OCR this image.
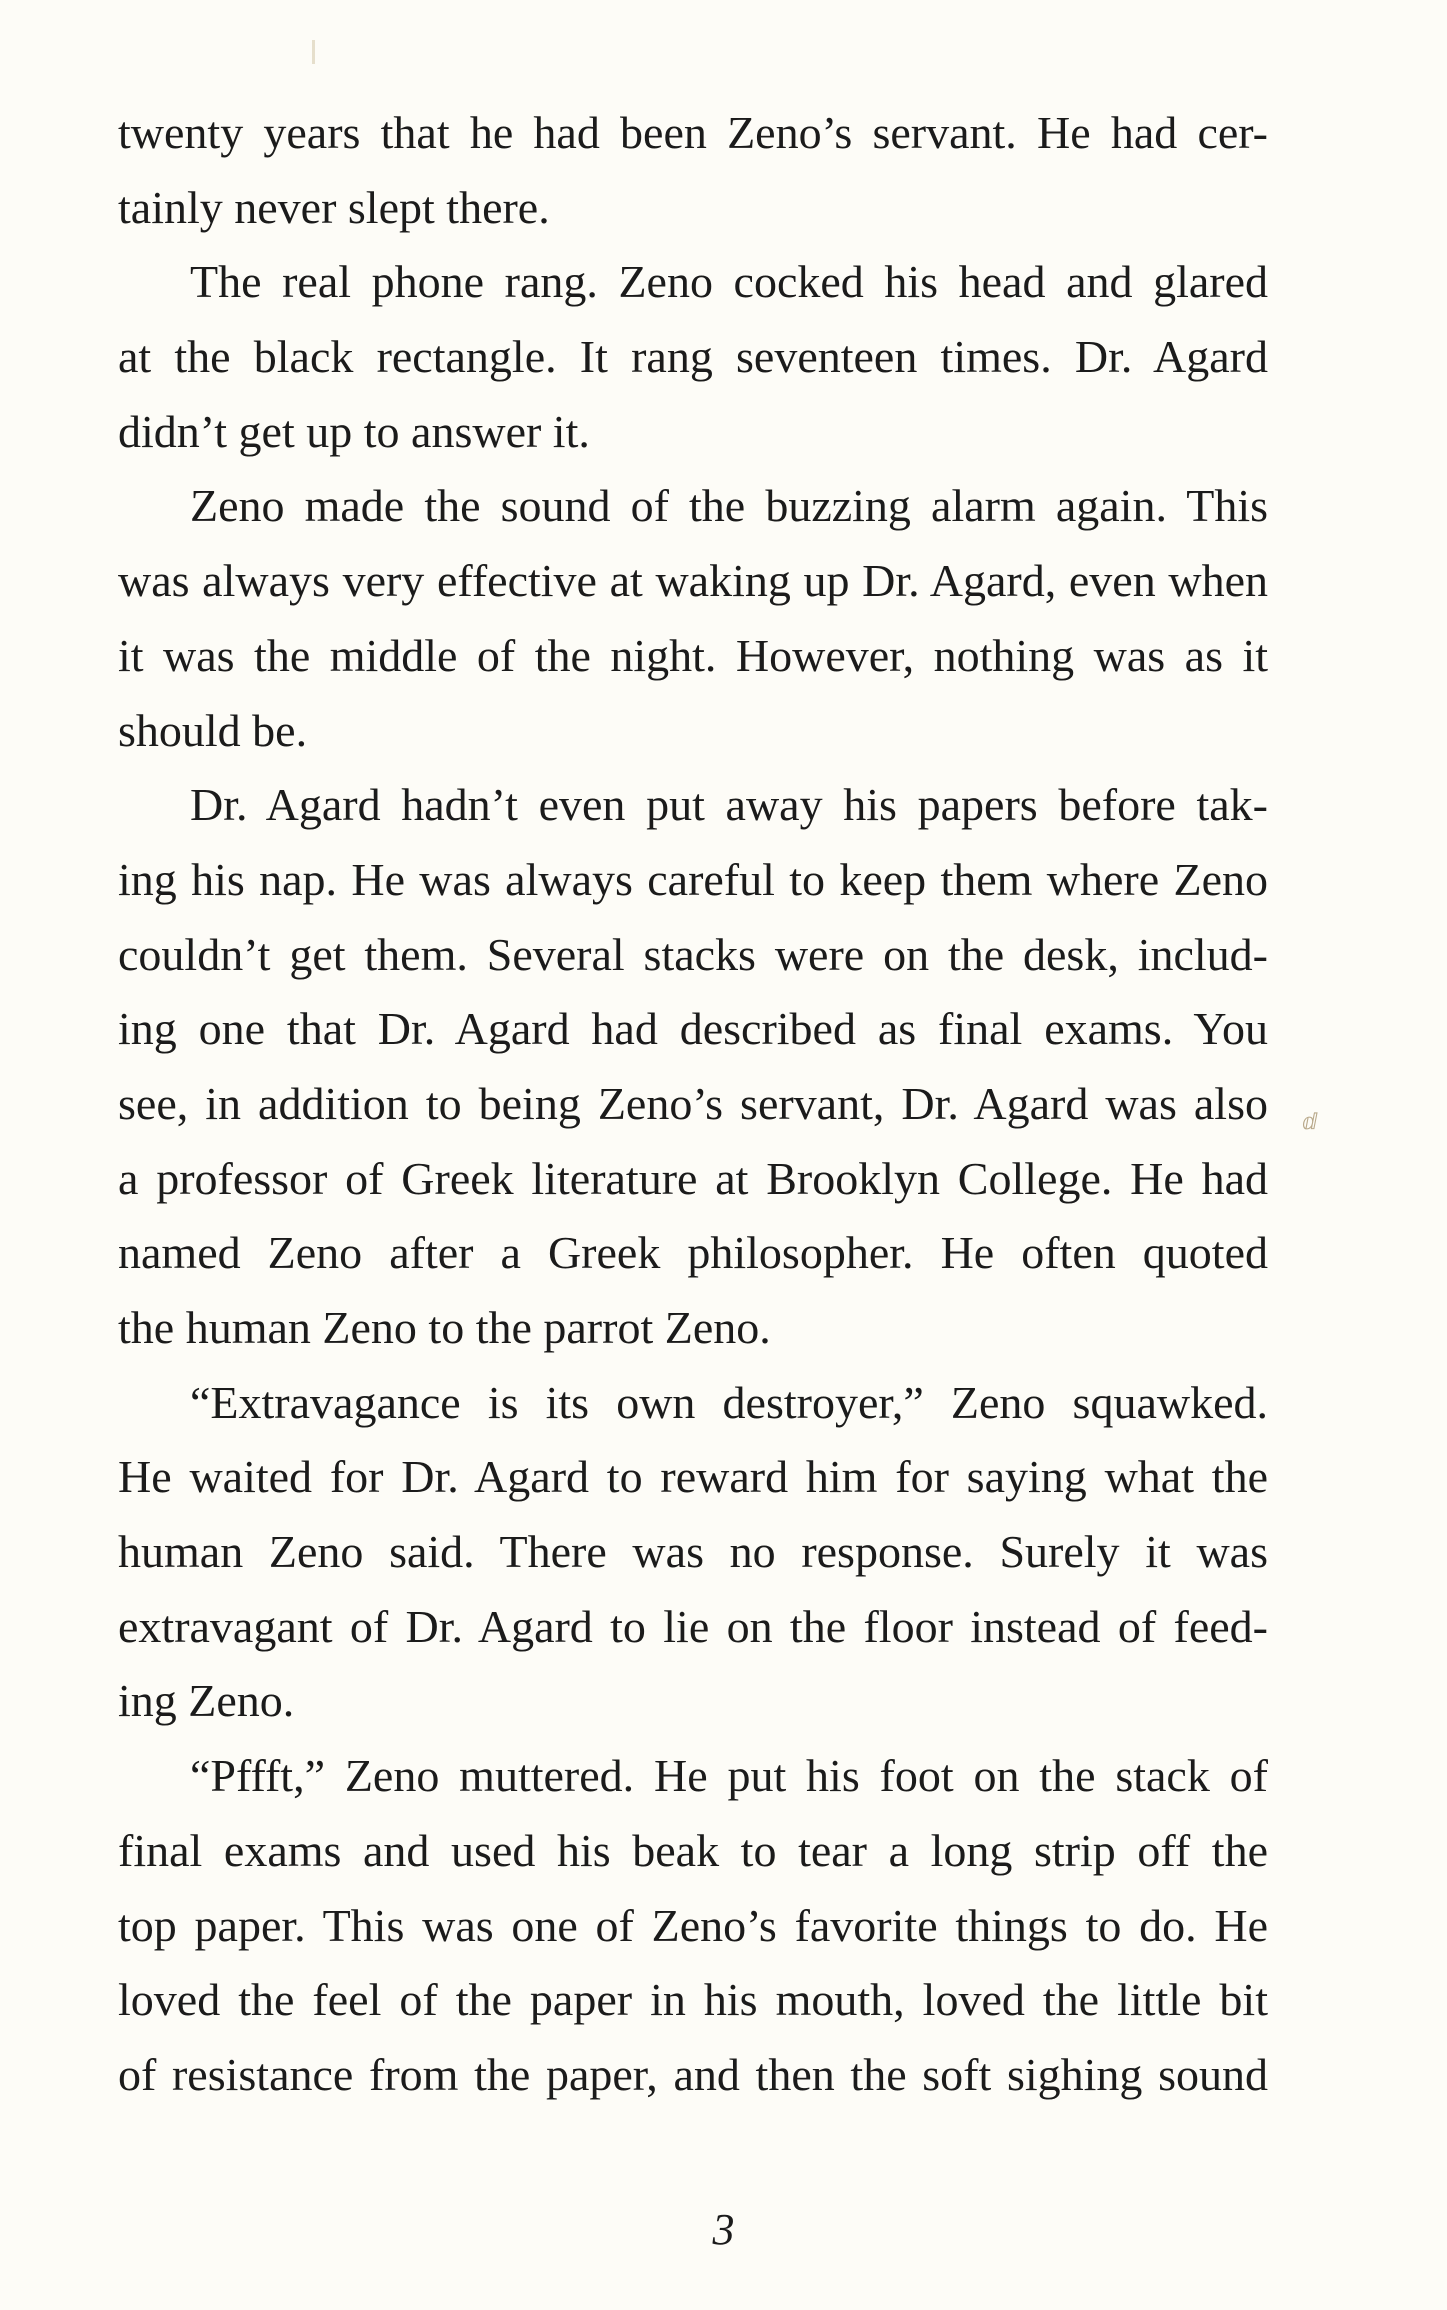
twenty years that he had been Zeno’s servant. He had cer-
tainly never slept there.
The real phone rang. Zeno cocked his head and glared
at the black rectangle. It rang seventeen times. Dr. Agard
didn’t get up to answer it.
Zeno made the sound of the buzzing alarm again. This
was always very effective at waking up Dr. Agard, even when
it was the middle of the night. However, nothing was as it
should be.
Dr. Agard hadn’t even put away his papers before tak-
ing his nap. He was always careful to keep them where Zeno
couldn’t get them. Several stacks were on the desk, includ-
ing one that Dr. Agard had described as final exams. You
see, in addition to being Zeno’s servant, Dr. Agard was also
a professor of Greek literature at Brooklyn College. He had
named Zeno after a Greek philosopher. He often quoted
the human Zeno to the parrot Zeno.
“Extravagance is its own destroyer,” Zeno squawked.
He waited for Dr. Agard to reward him for saying what the
human Zeno said. There was no response. Surely it was
extravagant of Dr. Agard to lie on the floor instead of feed-
ing Zeno.
“Pffft,” Zeno muttered. He put his foot on the stack of
final exams and used his beak to tear a long strip off the
top paper. This was one of Zeno’s favorite things to do. He
loved the feel of the paper in his mouth, loved the little bit
of resistance from the paper, and then the soft sighing sound
ⅆ
3
